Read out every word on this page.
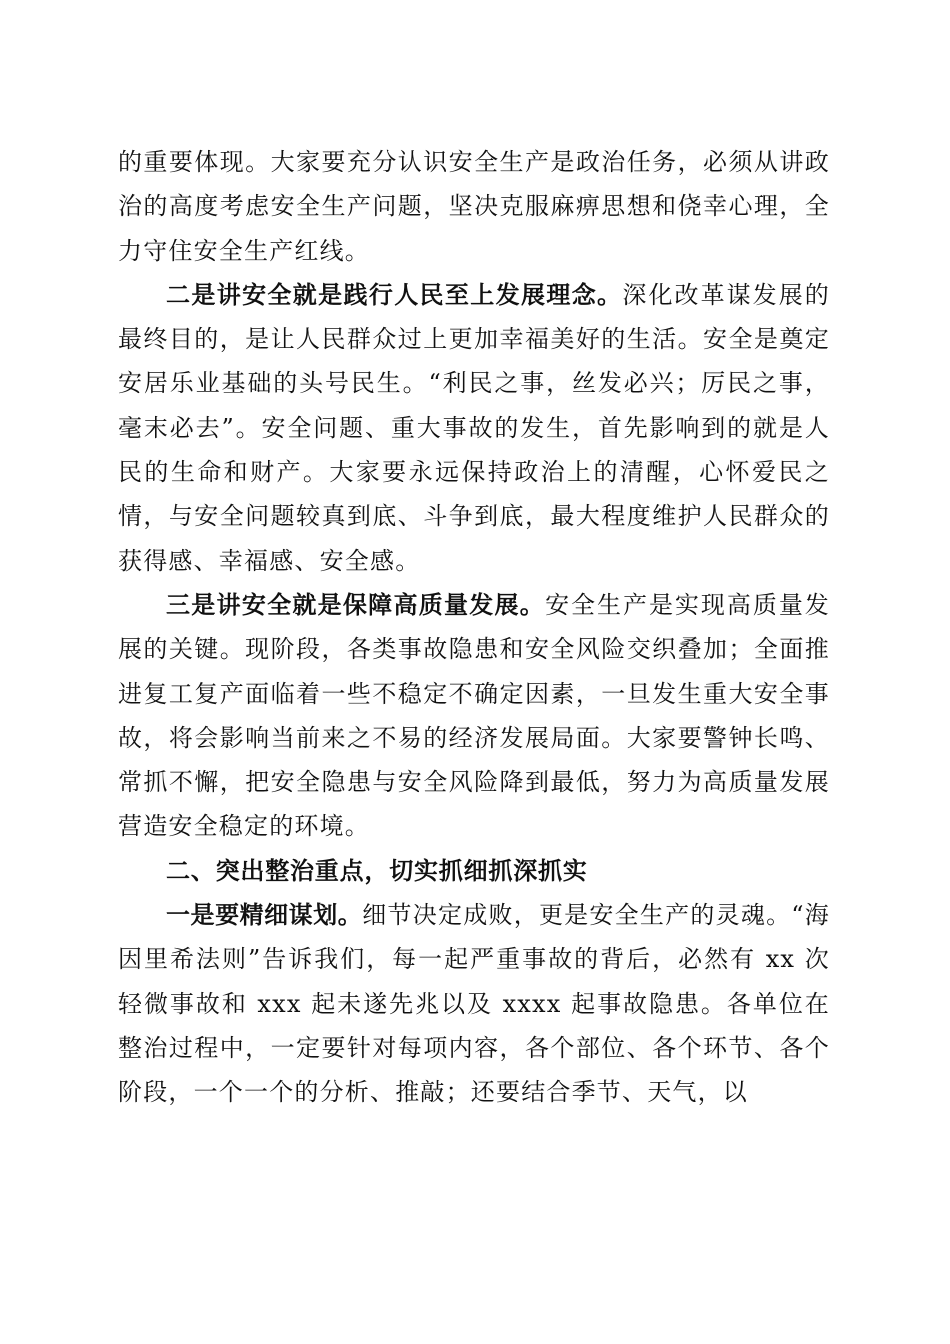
的重要体现。大家要充分认识安全生产是政治任务，必须从讲政治的高度考虑安全生产问题，坚决克服麻痹思想和侥幸心理，全力守住安全生产红线。

二是讲安全就是践行人民至上发展理念。深化改革谋发展的最终目的，是让人民群众过上更加幸福美好的生活。安全是奠定安居乐业基础的头号民生。“利民之事，丝发必兴；厉民之事，毫末必去”。安全问题、重大事故的发生，首先影响到的就是人民的生命和财产。大家要永远保持政治上的清醒，心怀爱民之情，与安全问题较真到底、斗争到底，最大程度维护人民群众的获得感、幸福感、安全感。

三是讲安全就是保障高质量发展。安全生产是实现高质量发展的关键。现阶段，各类事故隐患和安全风险交织叠加；全面推进复工复产面临着一些不稳定不确定因素，一旦发生重大安全事故，将会影响当前来之不易的经济发展局面。大家要警钟长鸣、常抓不懈，把安全隐患与安全风险降到最低，努力为高质量发展营造安全稳定的环境。

二、突出整治重点，切实抓细抓深抓实

一是要精细谋划。细节决定成败，更是安全生产的灵魂。“海因里希法则”告诉我们，每一起严重事故的背后，必然有 xx 次轻微事故和 xxx 起未遂先兆以及 xxxx 起事故隐患。各单位在整治过程中，一定要针对每项内容，各个部位、各个环节、各个阶段，一个一个的分析、推敲；还要结合季节、天气，以
